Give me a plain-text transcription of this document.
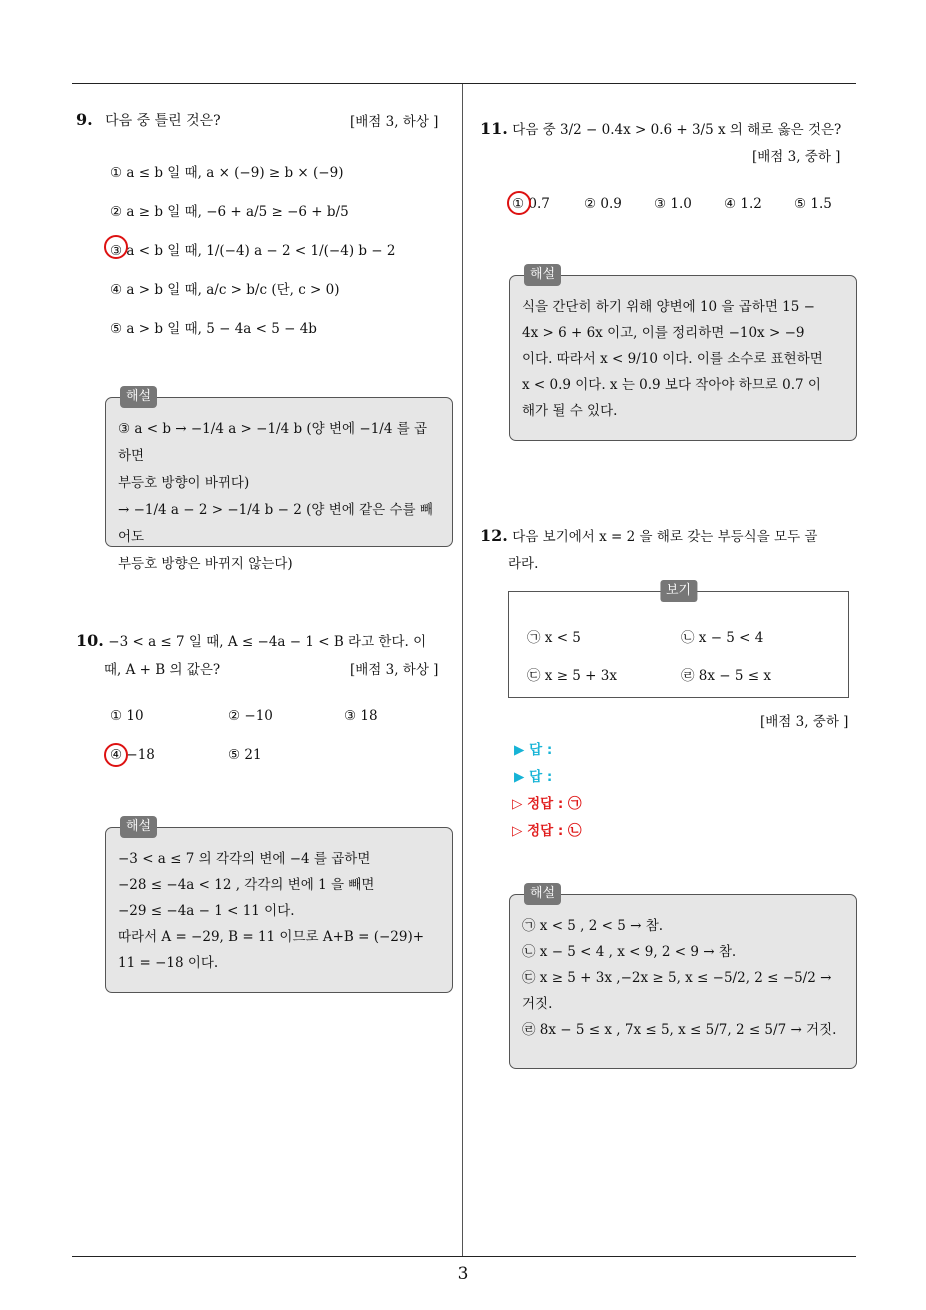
9. 다음 중 틀린 것은?	[배점 3, 하상 ]
① a ≤ b 일 때, a × (−9) ≥ b × (−9)
② a ≥ b 일 때, −6 + a/5 ≥ −6 + b/5
③ a < b 일 때, 1/(−4) a − 2 < 1/(−4) b − 2
④ a > b 일 때, a/c > b/c (단, c > 0)
⑤ a > b 일 때, 5 − 4a < 5 − 4b
해설
③ a < b → −1/4 a > −1/4 b (양 변에 −1/4 를 곱하면
부등호 방향이 바뀌다)
→ −1/4 a − 2 > −1/4 b − 2 (양 변에 같은 수를 빼어도
부등호 방향은 바뀌지 않는다)
10. −3 < a ≤ 7 일 때, A ≤ −4a − 1 < B 라고 한다. 이
때, A + B 의 값은?	[배점 3, 하상 ]
① 10	② −10	③ 18
④ −18	⑤ 21
해설
−3 < a ≤ 7 의 각각의 변에 −4 를 곱하면
−28 ≤ −4a < 12 , 각각의 변에 1 을 빼면
−29 ≤ −4a − 1 < 11 이다.
따라서 A = −29, B = 11 이므로 A+B = (−29)+
11 = −18 이다.
11. 다음 중 3/2 − 0.4x > 0.6 + 3/5 x 의 해로 옳은 것은?
[배점 3, 중하 ]
① 0.7	② 0.9 ③ 1.0 ④ 1.2 ⑤ 1.5
해설
식을 간단히 하기 위해 양변에 10 을 곱하면 15 −
4x > 6 + 6x 이고, 이를 정리하면 −10x > −9
이다. 따라서 x < 9/10 이다. 이를 소수로 표현하면
x < 0.9 이다. x 는 0.9 보다 작아야 하므로 0.7 이
해가 될 수 있다.
12. 다음 보기에서 x = 2 을 해로 갖는 부등식을 모두 골
라라.
보기
㉠ x < 5	㉡ x − 5 < 4
㉢ x ≥ 5 + 3x	㉣ 8x − 5 ≤ x
[배점 3, 중하 ]
▶ 답 :
▶ 답 :
▷ 정답 : ㉠
▷ 정답 : ㉡
해설
㉠ x < 5 , 2 < 5 → 참.
㉡ x − 5 < 4 , x < 9, 2 < 9 → 참.
㉢ x ≥ 5 + 3x ,−2x ≥ 5, x ≤ −5/2, 2 ≤ −5/2 →
거짓.
㉣ 8x − 5 ≤ x , 7x ≤ 5, x ≤ 5/7, 2 ≤ 5/7 → 거짓.
3
